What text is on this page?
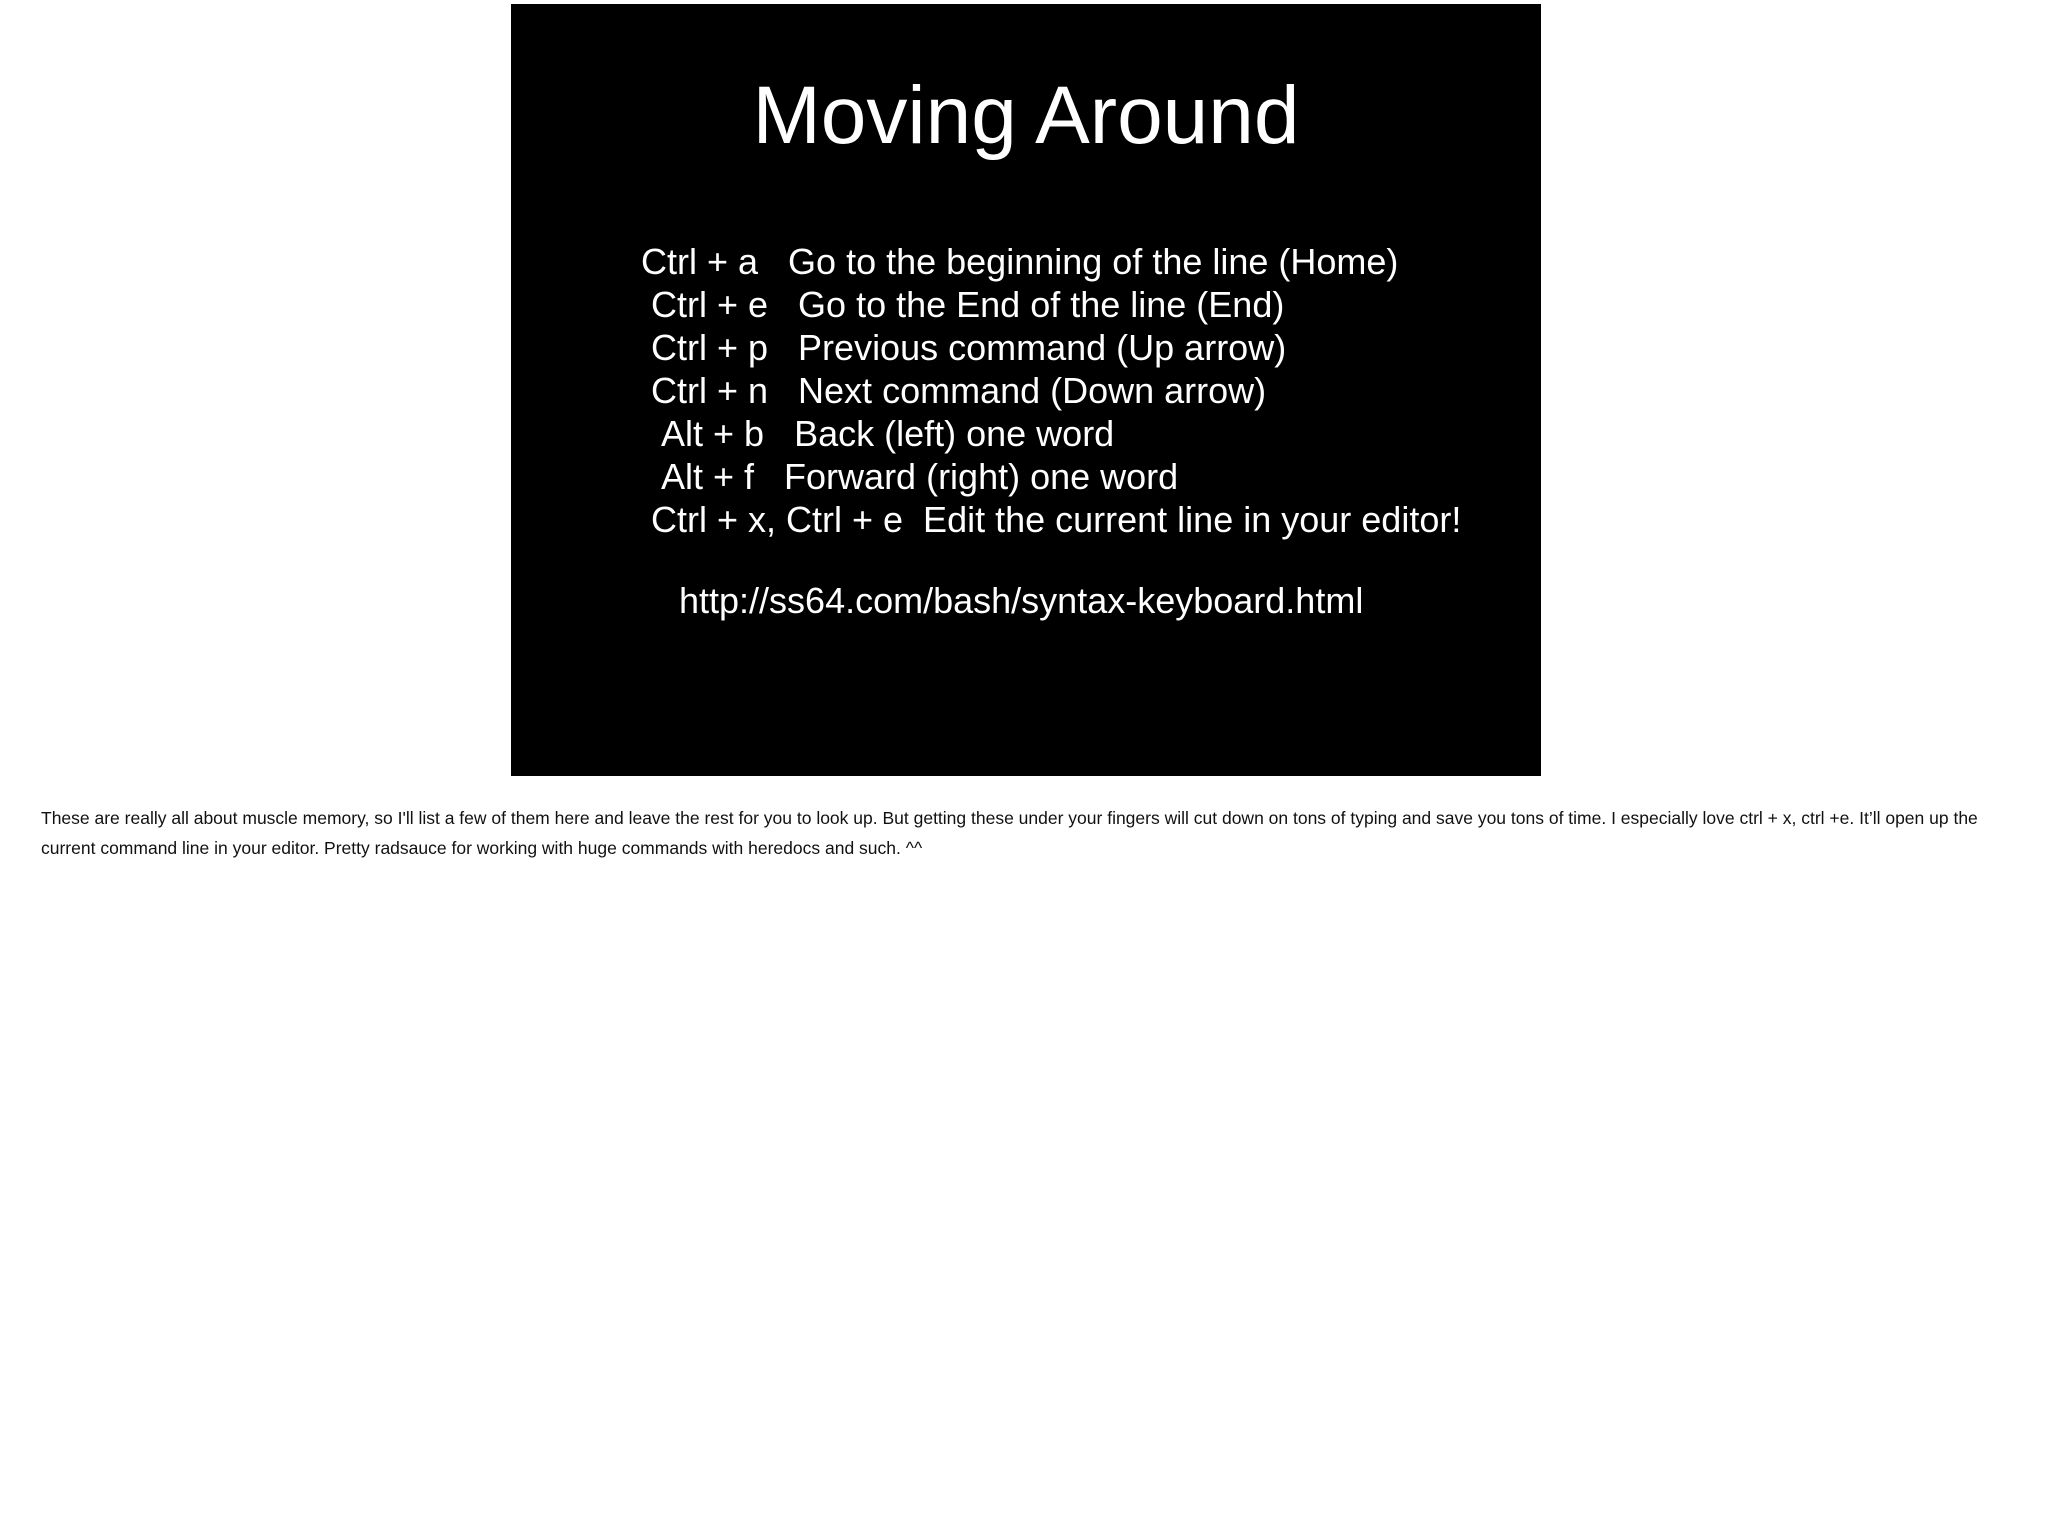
Moving Around
Ctrl + a   Go to the beginning of the line (Home)
Ctrl + e   Go to the End of the line (End)
Ctrl + p   Previous command (Up arrow)
Ctrl + n   Next command (Down arrow)
Alt + b   Back (left) one word
Alt + f   Forward (right) one word
Ctrl + x, Ctrl + e  Edit the current line in your editor!
http://ss64.com/bash/syntax-keyboard.html

These are really all about muscle memory, so I'll list a few of them here and leave the rest for you to look up. But getting these under your fingers will cut down on tons of typing and save you tons of time. I especially love ctrl + x, ctrl +e. It’ll open up the current command line in your editor. Pretty radsauce for working with huge commands with heredocs and such. ^^
